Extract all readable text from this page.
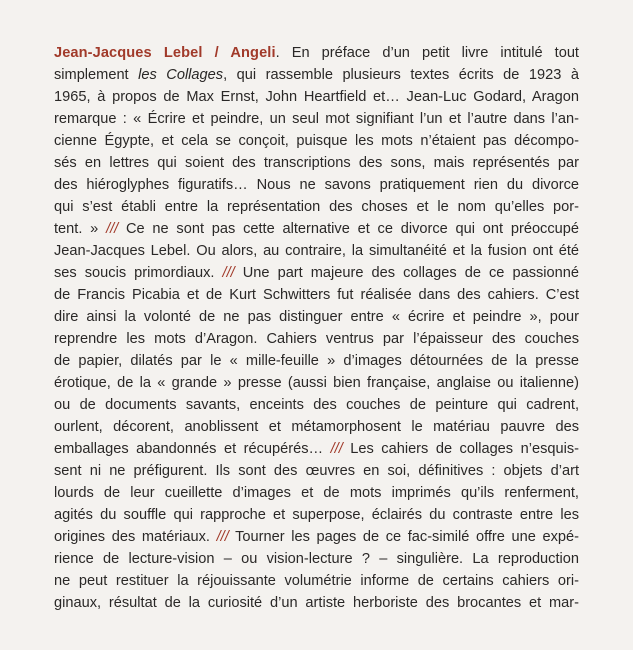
Jean-Jacques Lebel / Angeli. En préface d’un petit livre intitulé tout
simplement les Collages, qui rassemble plusieurs textes écrits de 1923 à
1965, à propos de Max Ernst, John Heartfield et… Jean-Luc Godard, Aragon
remarque : « Écrire et peindre, un seul mot signifiant l’un et l’autre dans l’an-
cienne Égypte, et cela se conçoit, puisque les mots n’étaient pas décompo-
sés en lettres qui soient des transcriptions des sons, mais représentés par
des hiéroglyphes figuratifs… Nous ne savons pratiquement rien du divorce
qui s’est établi entre la représentation des choses et le nom qu’elles por-
tent. » /// Ce ne sont pas cette alternative et ce divorce qui ont préoccupé
Jean-Jacques Lebel. Ou alors, au contraire, la simultanéité et la fusion ont été
ses soucis primordiaux. /// Une part majeure des collages de ce passionné
de Francis Picabia et de Kurt Schwitters fut réalisée dans des cahiers. C’est
dire ainsi la volonté de ne pas distinguer entre « écrire et peindre », pour
reprendre les mots d’Aragon. Cahiers ventrus par l’épaisseur des couches
de papier, dilatés par le « mille-feuille » d’images détournées de la presse
érotique, de la « grande » presse (aussi bien française, anglaise ou italienne)
ou de documents savants, enceints des couches de peinture qui cadrent,
ourlent, décorent, anoblissent et métamorphosent le matériau pauvre des
emballages abandonnés et récupérés… /// Les cahiers de collages n’esquis-
sent ni ne préfigurent. Ils sont des œuvres en soi, définitives : objets d’art
lourds de leur cueillette d’images et de mots imprimés qu’ils renferment,
agités du souffle qui rapproche et superpose, éclairés du contraste entre les
origines des matériaux. /// Tourner les pages de ce fac-similé offre une expé-
rience de lecture-vision – ou vision-lecture ? – singulière. La reproduction
ne peut restituer la réjouissante volumétrie informe de certains cahiers ori-
ginaux, résultat de la curiosité d’un artiste herboriste des brocantes et mar-
